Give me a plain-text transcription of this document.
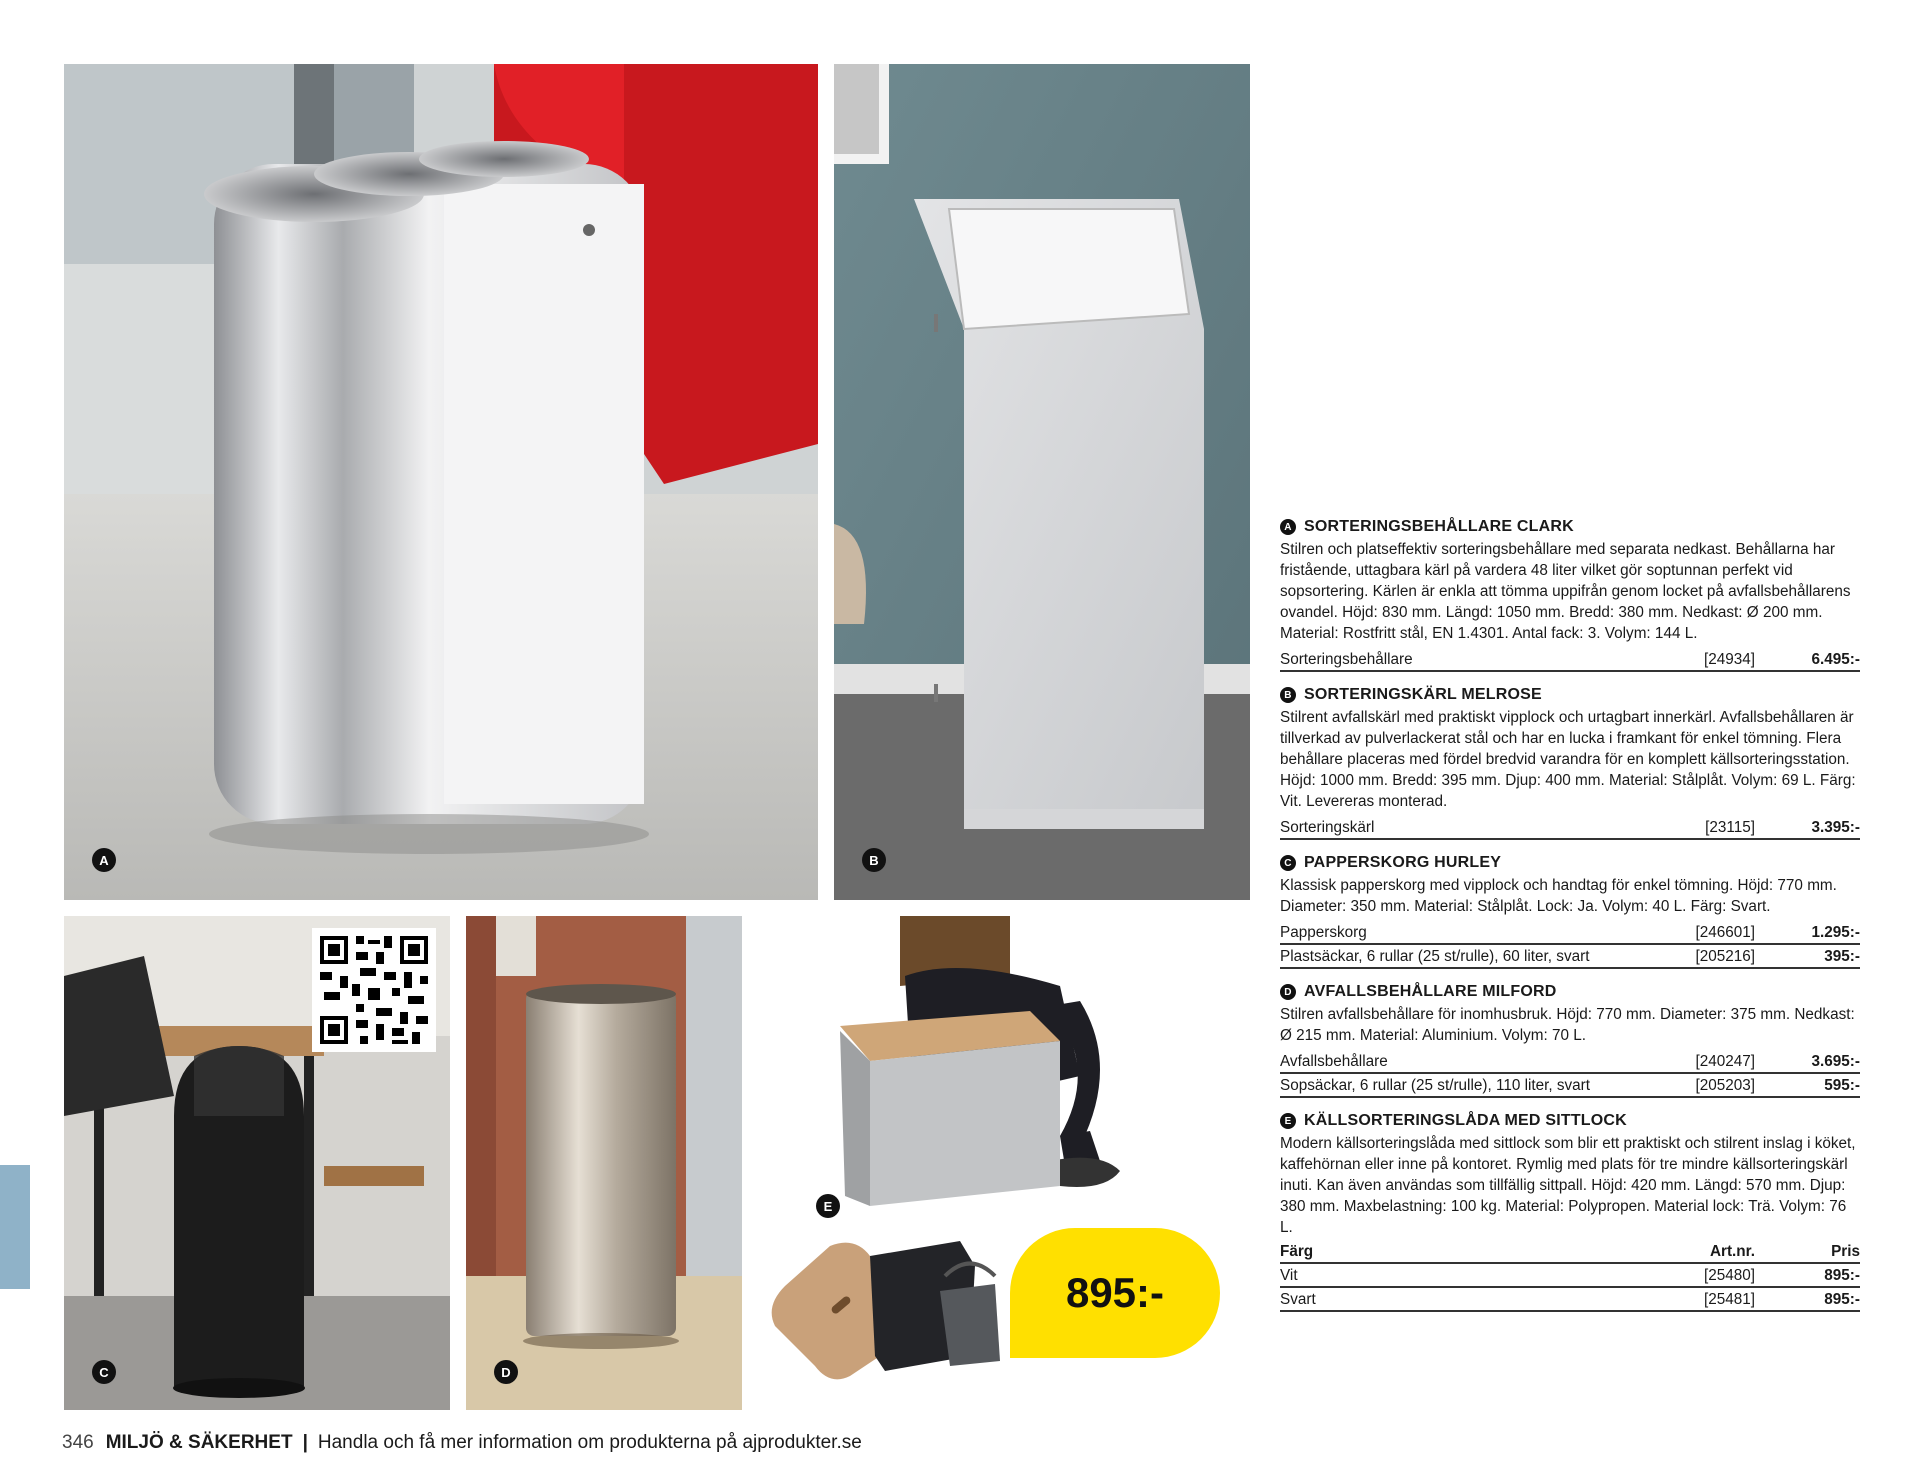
A	B
C	D
E
895:-
A SORTERINGSBEHÅLLARE CLARK
Stilren och platseffektiv sorteringsbehållare med separata nedkast. Behållarna har fristående, uttagbara kärl på vardera 48 liter vilket gör soptunnan perfekt vid sopsortering. Kärlen är enkla att tömma uppifrån genom locket på avfallsbehållarens ovandel. Höjd: 830 mm. Längd: 1050 mm. Bredd: 380 mm. Nedkast: Ø 200 mm. Material: Rostfritt stål, EN 1.4301. Antal fack: 3. Volym: 144 L.
Sorteringsbehållare	[24934]	6.495:-
B SORTERINGSKÄRL MELROSE
Stilrent avfallskärl med praktiskt vipplock och urtagbart innerkärl. Avfallsbehållaren är tillverkad av pulverlackerat stål och har en lucka i framkant för enkel tömning. Flera behållare placeras med fördel bredvid varandra för en komplett källsorteringsstation. Höjd: 1000 mm. Bredd: 395 mm. Djup: 400 mm. Material: Stålplåt. Volym: 69 L. Färg: Vit. Levereras monterad.
Sorteringskärl	[23115]	3.395:-
C PAPPERSKORG HURLEY
Klassisk papperskorg med vipplock och handtag för enkel tömning. Höjd: 770 mm. Diameter: 350 mm. Material: Stålplåt. Lock: Ja. Volym: 40 L. Färg: Svart.
Papperskorg	[246601]	1.295:-
Plastsäckar, 6 rullar (25 st/rulle), 60 liter, svart	[205216]	395:-
D AVFALLSBEHÅLLARE MILFORD
Stilren avfallsbehållare för inomhusbruk. Höjd: 770 mm. Diameter: 375 mm. Nedkast: Ø 215 mm. Material: Aluminium. Volym: 70 L.
Avfallsbehållare	[240247]	3.695:-
Sopsäckar, 6 rullar (25 st/rulle), 110 liter, svart	[205203]	595:-
E KÄLLSORTERINGSLÅDA MED SITTLOCK
Modern källsorteringslåda med sittlock som blir ett praktiskt och stilrent inslag i köket, kaffehörnan eller inne på kontoret. Rymlig med plats för tre mindre källsorteringskärl inuti. Kan även användas som tillfällig sittpall. Höjd: 420 mm. Längd: 570 mm. Djup: 380 mm. Maxbelastning: 100 kg. Material: Polypropen. Material lock: Trä. Volym: 76 L.
Färg	Art.nr.	Pris
Vit	[25480]	895:-
Svart	[25481]	895:-
346 MILJÖ & SÄKERHET | Handla och få mer information om produkterna på ajprodukter.se
